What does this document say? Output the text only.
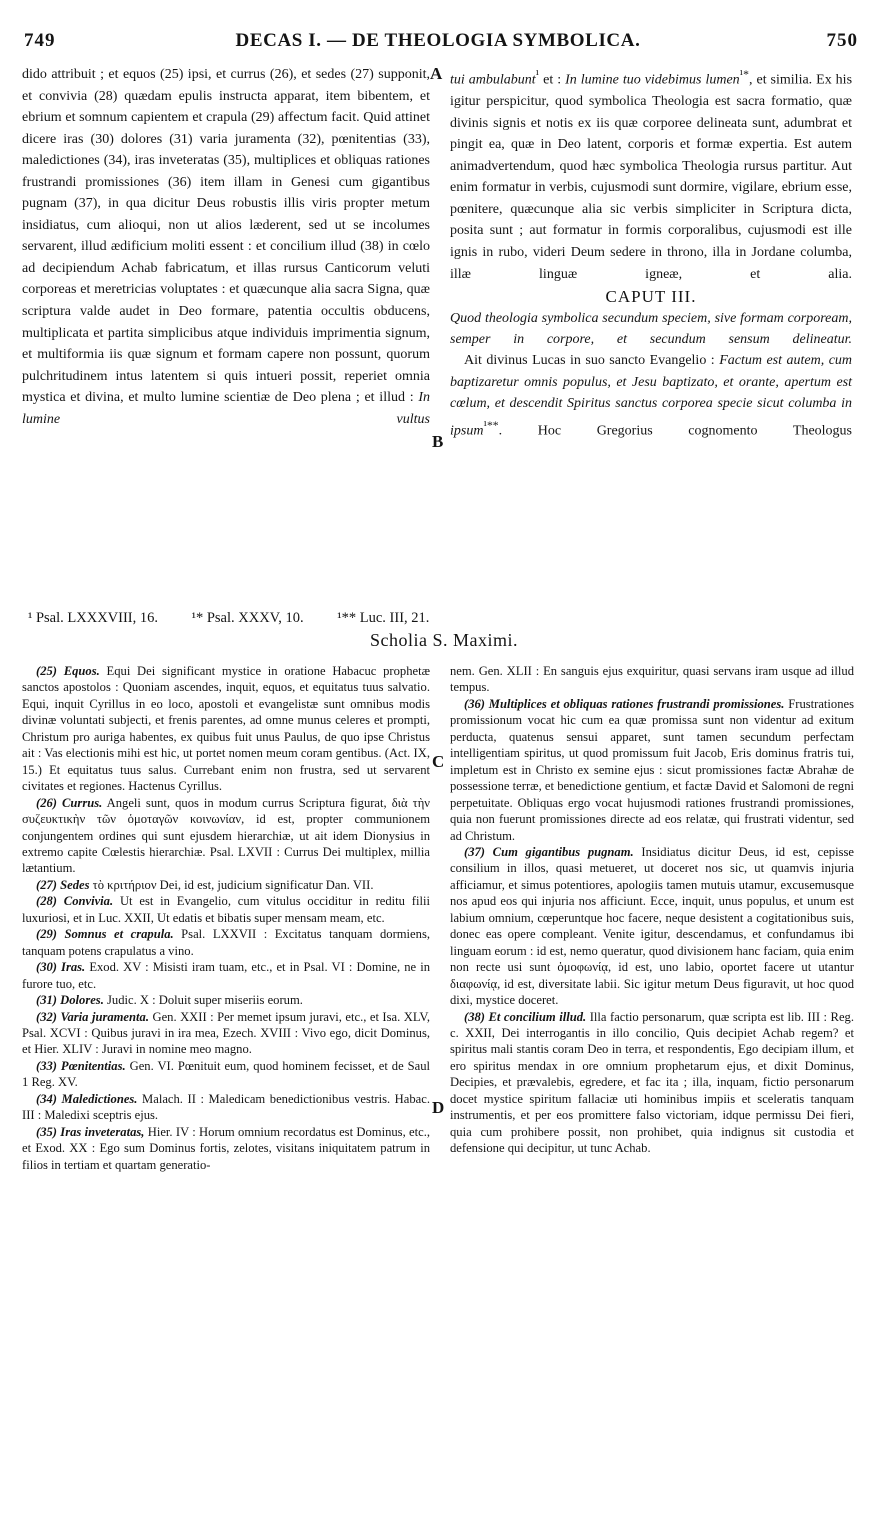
749	DECAS I. — DE THEOLOGIA SYMBOLICA.	750
A
B
C
D

dido attribuit ; et equos (25) ipsi, et currus (26), et sedes (27) supponit, et convivia (28) quædam epulis instructa apparat, item bibentem, et ebrium et somnum capientem et crapula (29) affectum facit. Quid attinet dicere iras (30) dolores (31) varia juramenta (32), pœnitentias (33), maledictiones (34), iras inveteratas (35), multiplices et obliquas rationes frustrandi promissiones (36) item illam in Genesi cum gigantibus pugnam (37), in qua dicitur Deus robustis illis viris propter metum insidiatus, cum alioqui, non ut alios læderent, sed ut se incolumes servarent, illud ædificium moliti essent : et concilium illud (38) in cœlo ad decipiendum Achab fabricatum, et illas rursus Canticorum veluti corporeas et meretricias voluptates : et quæcunque alia sacra Signa, quæ scriptura valde audet in Deo formare, patentia occultis obducens, multiplicata et partita simplicibus atque individuis imprimentia signum, et multiformia iis quæ signum et formam capere non possunt, quorum pulchritudinem intus latentem si quis intueri possit, reperiet omnia mystica et divina, et multo lumine scientiæ de Deo plena ; et illud : In lumine vultus

tui ambulabunt$^{^1}$ et : In lumine tuo videbimus lumen$^{^1*}$, et similia. Ex his igitur perspicitur, quod symbolica Theologia est sacra formatio, quæ divinis signis et notis ex iis quæ corporee delineata sunt, adumbrat et pingit ea, quæ in Deo latent, corporis et formæ expertia. Est autem animadvertendum, quod hæc symbolica Theologia rursus partitur. Aut enim formatur in verbis, cujusmodi sunt dormire, vigilare, ebrium esse, pœnitere, quæcunque alia sic verbis simpliciter in Scriptura dicta, posita sunt ; aut formatur in formis corporalibus, cujusmodi est ille ignis in rubo, videri Deum sedere in throno, illa in Jordane columba, illæ linguæ igneæ, et alia.

CAPUT III.

Quod theologia symbolica secundum speciem, sive formam corpoream, semper in corpore, et secundum sensum delineatur.

Ait divinus Lucas in suo sancto Evangelio : Factum est autem, cum baptizaretur omnis populus, et Jesu baptizato, et orante, apertum est cœlum, et descendit Spiritus sanctus corporea specie sicut columba in ipsum$^{^1**}$. Hoc Gregorius cognomento Theologus

¹ Psal. LXXXVIII, 16. ¹* Psal. XXXV, 10. ¹** Luc. III, 21.
Scholia S. Maximi.

(25) Equos. Equi Dei significant mystice in oratione Habacuc prophetæ sanctos apostolos : Quoniam ascendes, inquit, equos, et equitatus tuus salvatio. Equi, inquit Cyrillus in eo loco, apostoli et evangelistæ sunt omnibus modis divinæ voluntati subjecti, et frenis parentes, ad omne munus celeres et prompti, Christum pro auriga habentes, ex quibus fuit unus Paulus, de quo ipse Christus ait : Vas electionis mihi est hic, ut portet nomen meum coram gentibus. (Act. IX, 15.) Et equitatus tuus salus. Currebant enim non frustra, sed ut servarent civitates et regiones. Hactenus Cyrillus.

(26) Currus. Angeli sunt, quos in modum currus Scriptura figurat, διὰ τὴν συζευκτικὴν τῶν ὁμοταγῶν κοινωνίαν, id est, propter communionem conjungentem ordines qui sunt ejusdem hierarchiæ, ut ait idem Dionysius in extremo capite Cœlestis hierarchiæ. Psal. LXVII : Currus Dei multiplex, millia lætantium.

(27) Sedes τὸ κριτήριον Dei, id est, judicium significatur Dan. VII.

(28) Convivia. Ut est in Evangelio, cum vitulus occiditur in reditu filii luxuriosi, et in Luc. XXII, Ut edatis et bibatis super mensam meam, etc.

(29) Somnus et crapula. Psal. LXXVII : Excitatus tanquam dormiens, tanquam potens crapulatus a vino.

(30) Iras. Exod. XV : Misisti iram tuam, etc., et in Psal. VI : Domine, ne in furore tuo, etc.

(31) Dolores. Judic. X : Doluit super miseriis eorum.

(32) Varia juramenta. Gen. XXII : Per memet ipsum juravi, etc., et Isa. XLV, Psal. XCVI : Quibus juravi in ira mea, Ezech. XVIII : Vivo ego, dicit Dominus, et Hier. XLIV : Juravi in nomine meo magno.

(33) Pœnitentias. Gen. VI. Pœnituit eum, quod hominem fecisset, et de Saul 1 Reg. XV.

(34) Maledictiones. Malach. II : Maledicam benedictionibus vestris. Habac. III : Maledixi sceptris ejus.

(35) Iras inveteratas, Hier. IV : Horum omnium recordatus est Dominus, etc., et Exod. XX : Ego sum Dominus fortis, zelotes, visitans iniquitatem patrum in filios in tertiam et quartam generatio-

nem. Gen. XLII : En sanguis ejus exquiritur, quasi servans iram usque ad illud tempus.

(36) Multiplices et obliquas rationes frustrandi promissiones. Frustrationes promissionum vocat hic cum ea quæ promissa sunt non videntur ad exitum perducta, quatenus sensui apparet, sunt tamen secundum perfectam intelligentiam spiritus, ut quod promissum fuit Jacob, Eris dominus fratris tui, impletum est in Christo ex semine ejus : sicut promissiones factæ Abrahæ de possessione terræ, et benedictione gentium, et factæ David et Salomoni de regni perpetuitate. Obliquas ergo vocat hujusmodi rationes frustrandi promissiones, quia non fuerunt promissiones directe ad eos relatæ, qui frustrati videntur, sed ad Christum.

(37) Cum gigantibus pugnam. Insidiatus dicitur Deus, id est, cepisse consilium in illos, quasi metueret, ut doceret nos sic, ut quamvis injuria afficiamur, et simus potentiores, apologiis tamen mutuis utamur, excusemusque nos apud eos qui injuria nos afficiunt. Ecce, inquit, unus populus, et unum est labium omnium, cœperuntque hoc facere, neque desistent a cogitationibus suis, donec eas opere compleant. Venite igitur, descendamus, et confundamus ibi linguam eorum : id est, nemo queratur, quod divisionem hanc faciam, quia enim non recte usi sunt ὁμοφωνίᾳ, id est, uno labio, oportet facere ut utantur διαφωνίᾳ, id est, diversitate labii. Sic igitur metum Deus figuravit, ut hoc quod dixi, mystice doceret.

(38) Et concilium illud. Illa factio personarum, quæ scripta est lib. III : Reg. c. XXII, Dei interrogantis in illo concilio, Quis decipiet Achab regem? et spiritus mali stantis coram Deo in terra, et respondentis, Ego decipiam illum, et ero spiritus mendax in ore omnium prophetarum ejus, et dixit Dominus, Decipies, et prævalebis, egredere, et fac ita ; illa, inquam, fictio personarum docet mystice spiritum fallaciæ uti hominibus impiis et sceleratis tanquam instrumentis, et per eos promittere falso victoriam, idque permissu Dei fieri, quia cum prohibere possit, non prohibet, quia indignus sit custodia et defensione qui decipitur, ut tunc Achab.
